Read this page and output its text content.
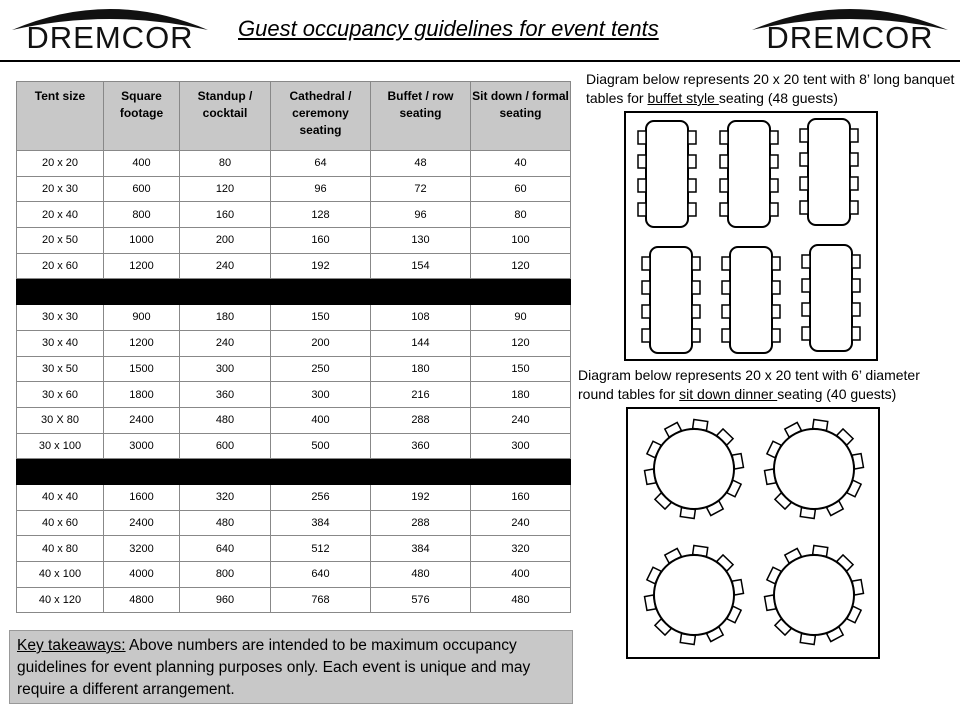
DREMCOR	DREMCOR
Guest occupancy guidelines for event tents
Tent size	Square footage	Standup / cocktail	Cathedral / ceremony seating	Buffet / row seating	Sit down / formal seating
20 x 20	400	80	64	48	40
20 x 30	600	120	96	72	60
20 x 40	800	160	128	96	80
20 x 50	1000	200	160	130	100
20 x 60	1200	240	192	154	120

30 x 30	900	180	150	108	90
30 x 40	1200	240	200	144	120
30 x 50	1500	300	250	180	150
30 x 60	1800	360	300	216	180
30 X 80	2400	480	400	288	240
30 x 100	3000	600	500	360	300

40 x 40	1600	320	256	192	160
40 x 60	2400	480	384	288	240
40 x 80	3200	640	512	384	320
40 x 100	4000	800	640	480	400
40 x 120	4800	960	768	576	480
Diagram below represents 20 x 20 tent with 8’ long banquet tables for buffet style seating (48 guests)
Diagram below represents 20 x 20 tent with 6’ diameter round tables for sit down dinner seating (40 guests)
Key takeaways: Above numbers are intended to be maximum occupancy guidelines for event planning purposes only. Each event is unique and may require a different arrangement.
